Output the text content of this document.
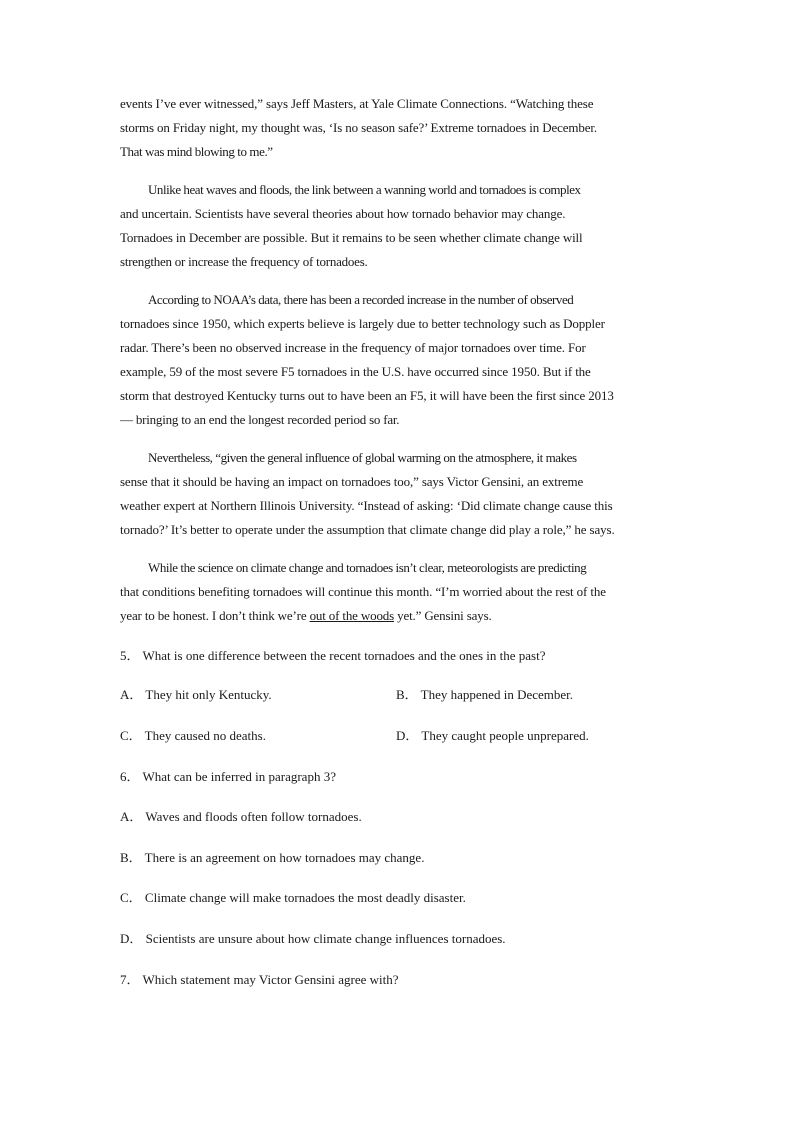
events I’ve ever witnessed,” says Jeff Masters, at Yale Climate Connections. “Watching these
storms on Friday night, my thought was, ‘Is no season safe?’ Extreme tornadoes in December.
That was mind blowing to me.”
Unlike heat waves and floods, the link between a wanning world and tornadoes is complex
and uncertain. Scientists have several theories about how tornado behavior may change.
Tornadoes in December are possible. But it remains to be seen whether climate change will
strengthen or increase the frequency of tornadoes.
According to NOAA’s data, there has been a recorded increase in the number of observed
tornadoes since 1950, which experts believe is largely due to better technology such as Doppler
radar. There’s been no observed increase in the frequency of major tornadoes over time. For
example, 59 of the most severe F5 tornadoes in the U.S. have occurred since 1950. But if the
storm that destroyed Kentucky turns out to have been an F5, it will have been the first since 2013
— bringing to an end the longest recorded period so far.
Nevertheless, “given the general influence of global warming on the atmosphere, it makes
sense that it should be having an impact on tornadoes too,” says Victor Gensini, an extreme
weather expert at Northern Illinois University. “Instead of asking: ‘Did climate change cause this
tornado?’ It’s better to operate under the assumption that climate change did play a role,” he says.
While the science on climate change and tornadoes isn’t clear, meteorologists are predicting
that conditions benefiting tornadoes will continue this month. “I’m worried about the rest of the
year to be honest. I don’t think we’re out of the woods yet.” Gensini says.
5． What is one difference between the recent tornadoes and the ones in the past?
A． They hit only Kentucky.	B． They happened in December.
C． They caused no deaths.	D． They caught people unprepared.
6． What can be inferred in paragraph 3?
A． Waves and floods often follow tornadoes.
B． There is an agreement on how tornadoes may change.
C． Climate change will make tornadoes the most deadly disaster.
D． Scientists are unsure about how climate change influences tornadoes.
7． Which statement may Victor Gensini agree with?
